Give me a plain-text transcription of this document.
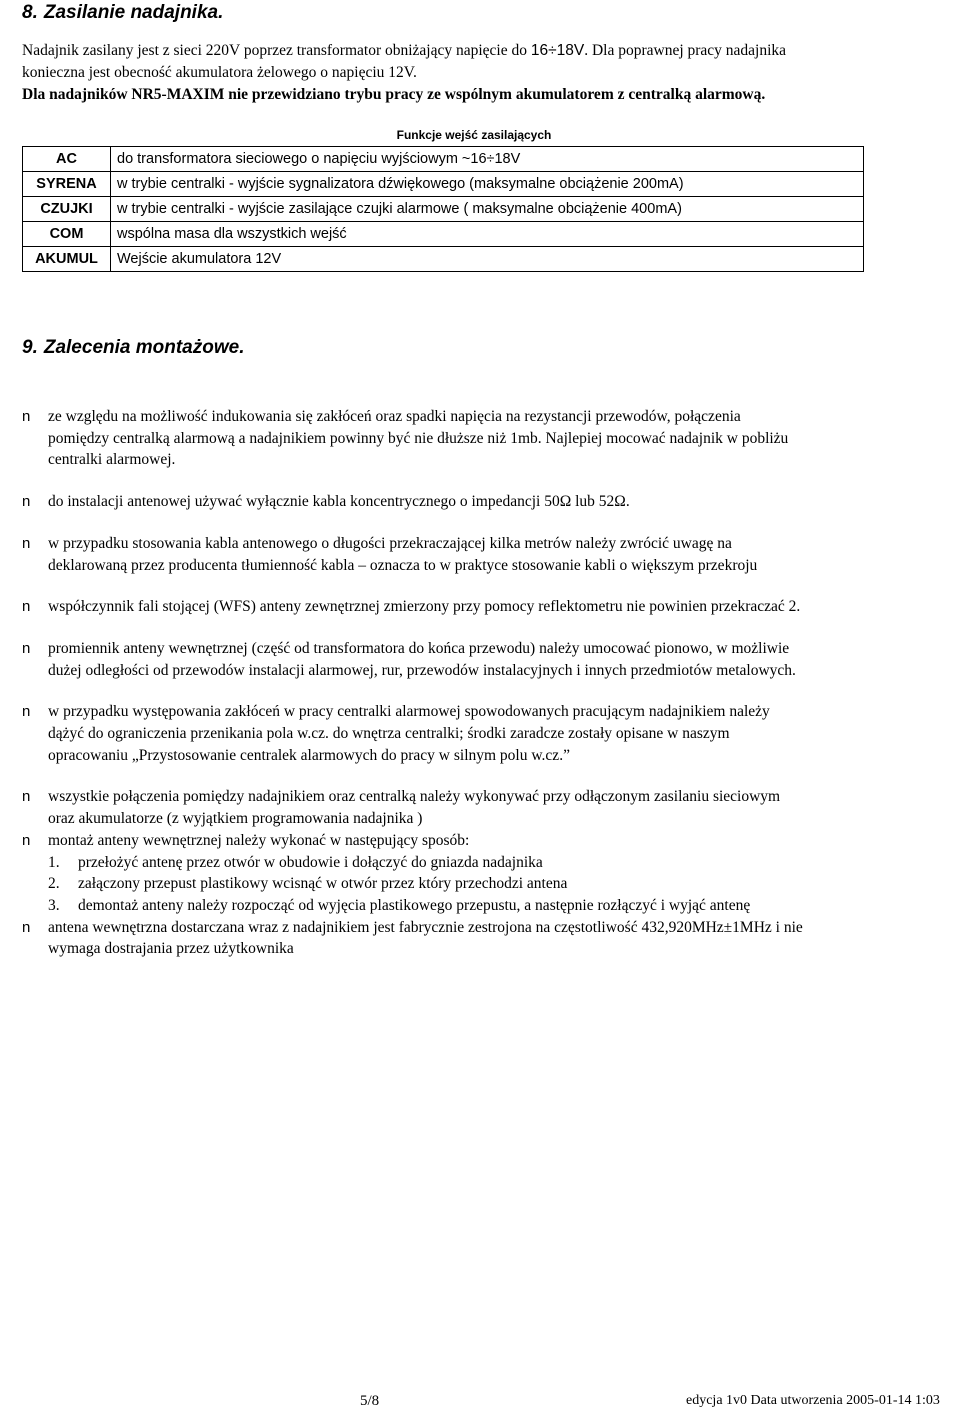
8. Zasilanie nadajnika.
Nadajnik zasilany jest z sieci 220V poprzez transformator obniżający napięcie do 16÷18V. Dla poprawnej pracy nadajnika
konieczna jest obecność akumulatora żelowego o napięciu 12V.
Dla nadajników NR5-MAXIM nie przewidziano trybu pracy ze wspólnym akumulatorem z centralką alarmową.
Funkcje wejść zasilających
AC	do transformatora sieciowego o napięciu wyjściowym ~16÷18V
SYRENA	w trybie centralki - wyjście sygnalizatora dźwiękowego (maksymalne obciążenie 200mA)
CZUJKI	w trybie centralki - wyjście zasilające czujki alarmowe ( maksymalne obciążenie 400mA)
COM	wspólna masa dla wszystkich wejść
AKUMUL	Wejście akumulatora 12V
9. Zalecenia montażowe.
n	ze względu na możliwość indukowania się zakłóceń oraz spadki napięcia na rezystancji przewodów, połączenia
pomiędzy centralką alarmową a nadajnikiem powinny być nie dłuższe niż 1mb. Najlepiej mocować nadajnik w pobliżu
centralki alarmowej.
n	do instalacji antenowej używać wyłącznie kabla koncentrycznego o impedancji 50Ω lub 52Ω.
n	w przypadku stosowania kabla antenowego o długości przekraczającej kilka metrów należy zwrócić uwagę na
deklarowaną przez producenta tłumienność kabla – oznacza to w praktyce stosowanie kabli o większym przekroju
n	współczynnik fali stojącej (WFS) anteny zewnętrznej zmierzony przy pomocy reflektometru nie powinien przekraczać 2.
n	promiennik anteny wewnętrznej (część od transformatora do końca przewodu) należy umocować pionowo, w możliwie
dużej odległości od przewodów instalacji alarmowej, rur, przewodów instalacyjnych i innych przedmiotów metalowych.
n	w przypadku występowania zakłóceń w pracy centralki alarmowej spowodowanych pracującym nadajnikiem należy
dążyć do ograniczenia przenikania pola w.cz. do wnętrza centralki; środki zaradcze zostały opisane w naszym
opracowaniu „Przystosowanie centralek alarmowych do pracy w silnym polu w.cz.”
n	wszystkie połączenia pomiędzy nadajnikiem oraz centralką należy wykonywać przy odłączonym zasilaniu sieciowym
oraz akumulatorze (z wyjątkiem programowania nadajnika )
n	montaż anteny wewnętrznej należy wykonać w następujący sposób:
1. przełożyć antenę przez otwór w obudowie i dołączyć do gniazda nadajnika
2. załączony przepust plastikowy wcisnąć w otwór przez który przechodzi antena
3. demontaż anteny należy rozpocząć od wyjęcia plastikowego przepustu, a następnie rozłączyć i wyjąć antenę
n	antena wewnętrzna dostarczana wraz z nadajnikiem jest fabrycznie zestrojona na częstotliwość 432,920MHz±1MHz i nie
wymaga dostrajania przez użytkownika
5/8	edycja 1v0 Data utworzenia 2005-01-14 1:03
